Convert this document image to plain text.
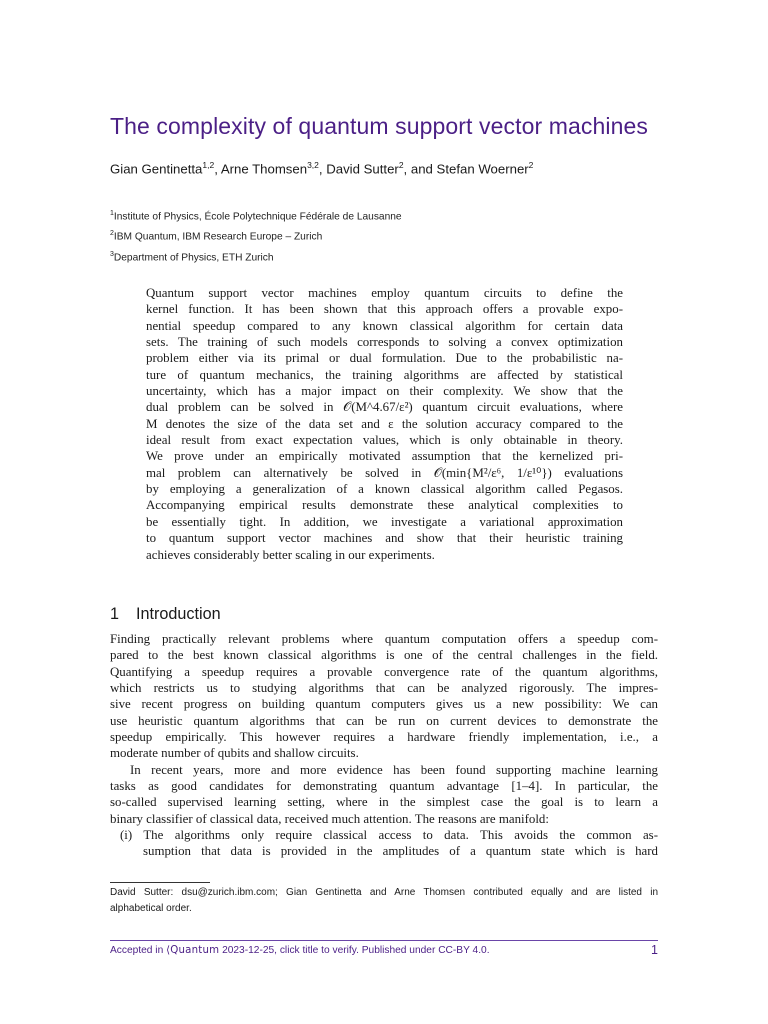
The complexity of quantum support vector machines
Gian Gentinetta$^{1,2}$, Arne Thomsen$^{3,2}$, David Sutter$^2$, and Stefan Woerner$^2$
$^1$Institute of Physics, École Polytechnique Fédérale de Lausanne
$^2$IBM Quantum, IBM Research Europe – Zurich
$^3$Department of Physics, ETH Zurich
Quantum support vector machines employ quantum circuits to define the
kernel function. It has been shown that this approach offers a provable expo-
nential speedup compared to any known classical algorithm for certain data
sets. The training of such models corresponds to solving a convex optimization
problem either via its primal or dual formulation. Due to the probabilistic na-
ture of quantum mechanics, the training algorithms are affected by statistical
uncertainty, which has a major impact on their complexity. We show that the
dual problem can be solved in 𝒪(M^4.67/ε²) quantum circuit evaluations, where
M denotes the size of the data set and ε the solution accuracy compared to the
ideal result from exact expectation values, which is only obtainable in theory.
We prove under an empirically motivated assumption that the kernelized pri-
mal problem can alternatively be solved in 𝒪(min{M²/ε⁶, 1/ε¹⁰}) evaluations
by employing a generalization of a known classical algorithm called Pegasos.
Accompanying empirical results demonstrate these analytical complexities to
be essentially tight. In addition, we investigate a variational approximation
to quantum support vector machines and show that their heuristic training
achieves considerably better scaling in our experiments.
1 Introduction
Finding practically relevant problems where quantum computation offers a speedup com-
pared to the best known classical algorithms is one of the central challenges in the field.
Quantifying a speedup requires a provable convergence rate of the quantum algorithms,
which restricts us to studying algorithms that can be analyzed rigorously. The impres-
sive recent progress on building quantum computers gives us a new possibility: We can
use heuristic quantum algorithms that can be run on current devices to demonstrate the
speedup empirically. This however requires a hardware friendly implementation, i.e., a
moderate number of qubits and shallow circuits.
In recent years, more and more evidence has been found supporting machine learning
tasks as good candidates for demonstrating quantum advantage [1–4]. In particular, the
so-called supervised learning setting, where in the simplest case the goal is to learn a
binary classifier of classical data, received much attention. The reasons are manifold:
(i) The algorithms only require classical access to data. This avoids the common as-
sumption that data is provided in the amplitudes of a quantum state which is hard
David Sutter: dsu@zurich.ibm.com; Gian Gentinetta and Arne Thomsen contributed equally and are listed in
alphabetical order.
Accepted in ⟨Quantum 2023-12-25, click title to verify. Published under CC-BY 4.0.	1
